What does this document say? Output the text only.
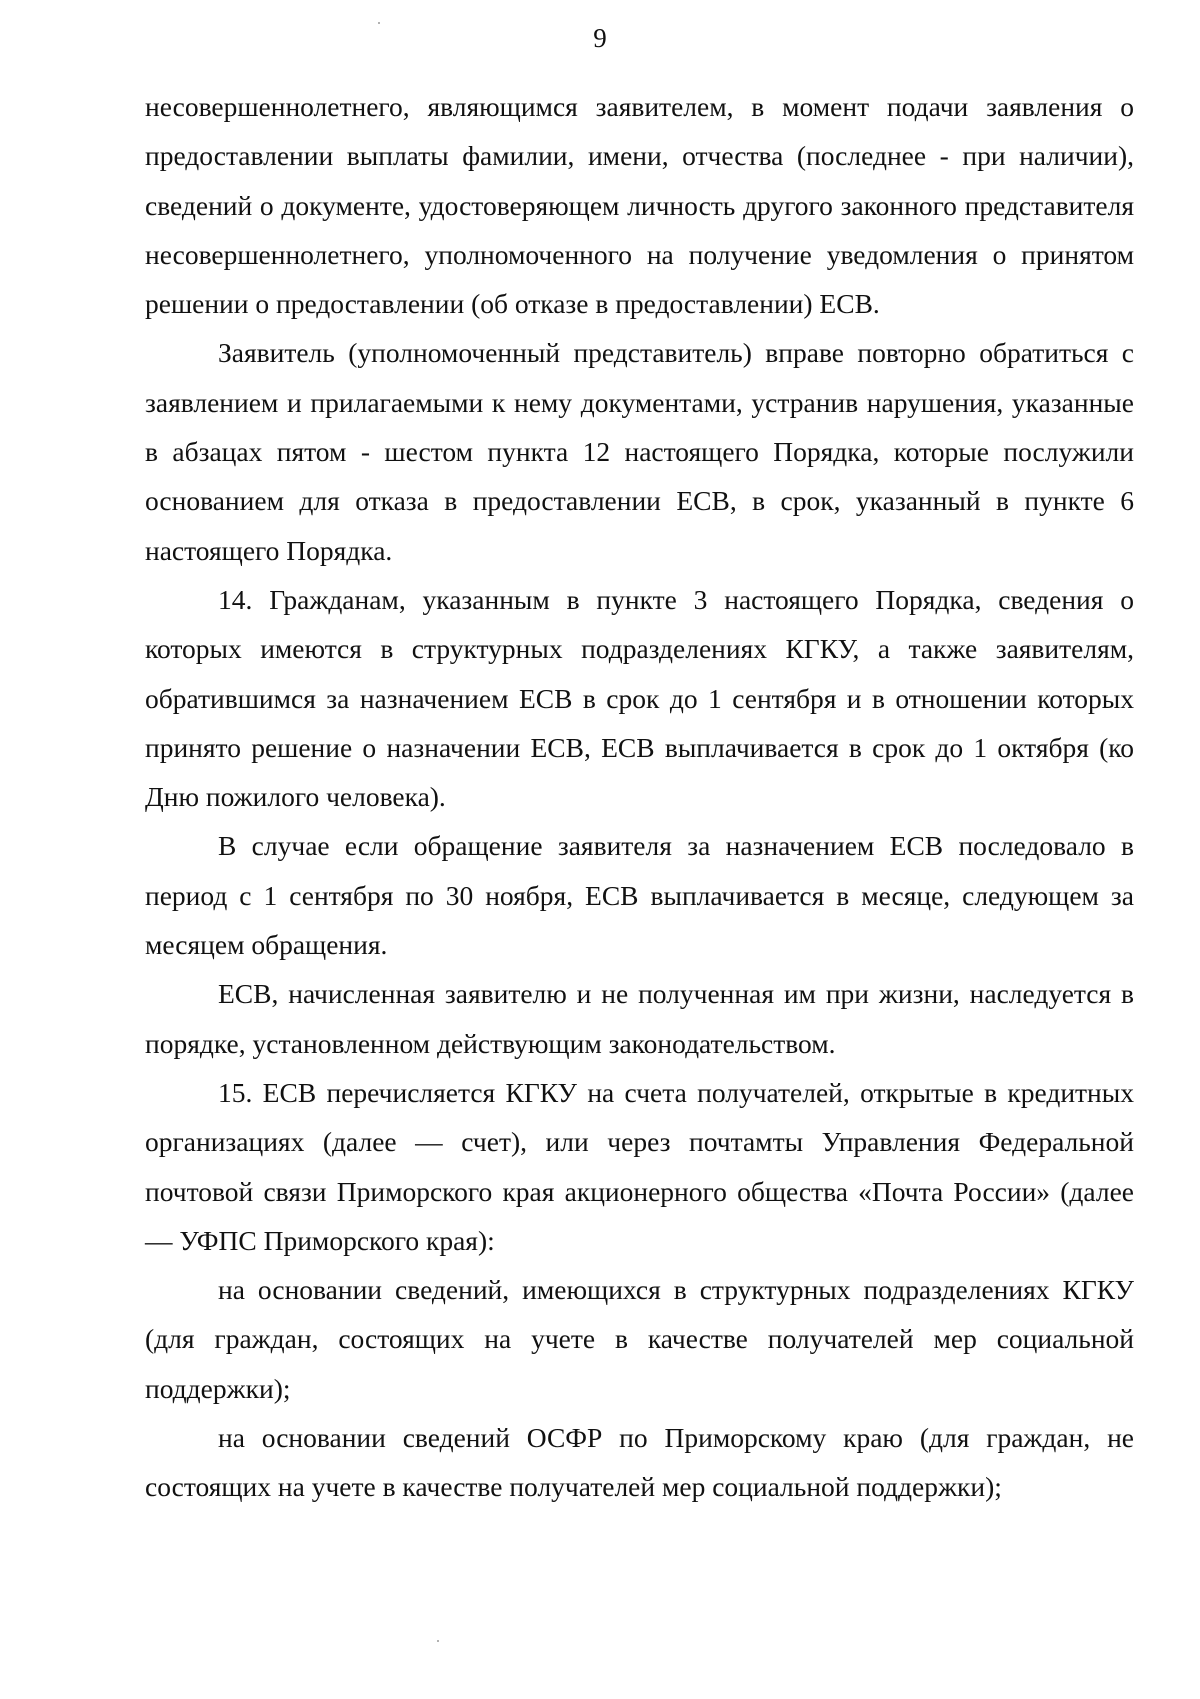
9

несовершеннолетнего, являющимся заявителем, в момент подачи заявления о предоставлении выплаты фамилии, имени, отчества (последнее - при наличии), сведений о документе, удостоверяющем личность другого законного представителя несовершеннолетнего, уполномоченного на получение уведомления о принятом решении о предоставлении (об отказе в предоставлении) ЕСВ.

Заявитель (уполномоченный представитель) вправе повторно обратиться с заявлением и прилагаемыми к нему документами, устранив нарушения, указанные в абзацах пятом - шестом пункта 12 настоящего Порядка, которые послужили основанием для отказа в предоставлении ЕСВ, в срок, указанный в пункте 6 настоящего Порядка.

14. Гражданам, указанным в пункте 3 настоящего Порядка, сведения о которых имеются в структурных подразделениях КГКУ, а также заявителям, обратившимся за назначением ЕСВ в срок до 1 сентября и в отношении которых принято решение о назначении ЕСВ, ЕСВ выплачивается в срок до 1 октября (ко Дню пожилого человека).

В случае если обращение заявителя за назначением ЕСВ последовало в период с 1 сентября по 30 ноября, ЕСВ выплачивается в месяце, следующем за месяцем обращения.

ЕСВ, начисленная заявителю и не полученная им при жизни, наследуется в порядке, установленном действующим законодательством.

15. ЕСВ перечисляется КГКУ на счета получателей, открытые в кредитных организациях (далее — счет), или через почтамты Управления Федеральной почтовой связи Приморского края акционерного общества «Почта России» (далее — УФПС Приморского края):

на основании сведений, имеющихся в структурных подразделениях КГКУ (для граждан, состоящих на учете в качестве получателей мер социальной поддержки);

на основании сведений ОСФР по Приморскому краю (для граждан, не состоящих на учете в качестве получателей мер социальной поддержки);
